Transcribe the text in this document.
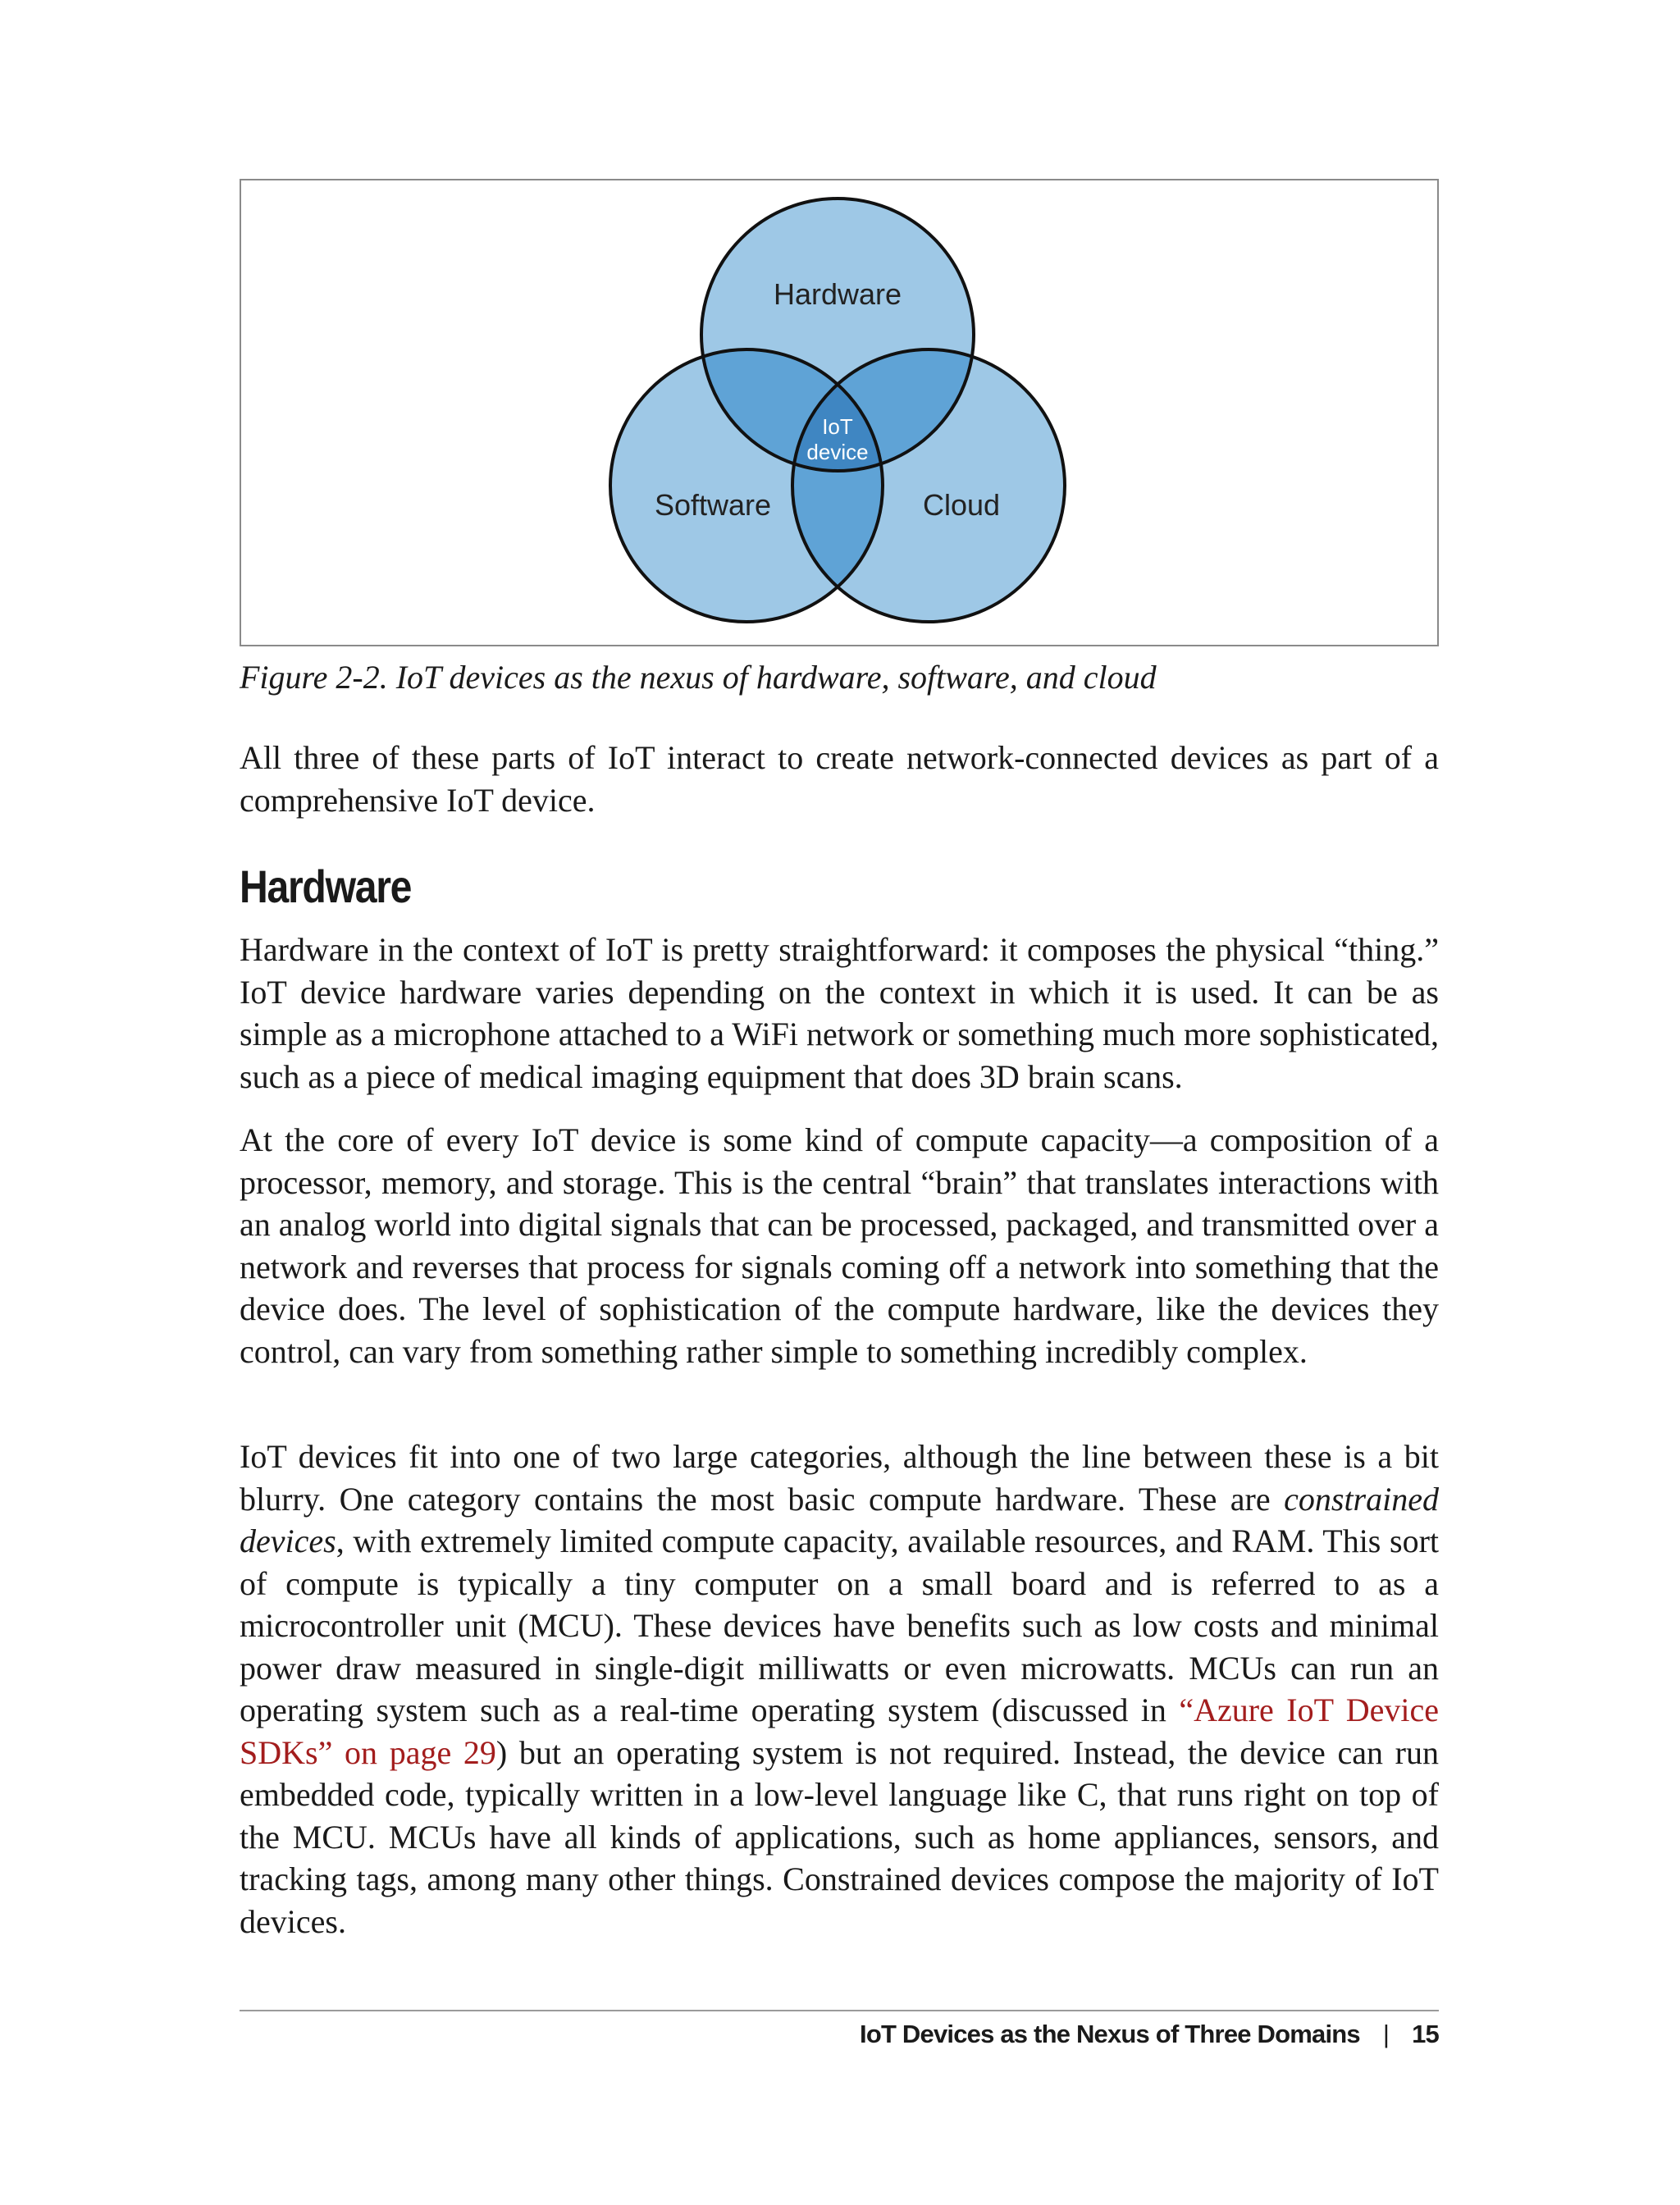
Hardware
Software	Cloud
IoT
device
Figure 2-2. IoT devices as the nexus of hardware, software, and cloud

All three of these parts of IoT interact to create network-connected devices as part of a comprehensive IoT device.

Hardware

Hardware in the context of IoT is pretty straightforward: it composes the physical “thing.” IoT device hardware varies depending on the context in which it is used. It can be as simple as a microphone attached to a WiFi network or something much more sophisticated, such as a piece of medical imaging equipment that does 3D brain scans.

At the core of every IoT device is some kind of compute capacity—a composition of a processor, memory, and storage. This is the central “brain” that translates interactions with an analog world into digital signals that can be processed, packaged, and transmitted over a network and reverses that process for signals coming off a network into something that the device does. The level of sophistication of the compute hardware, like the devices they control, can vary from something rather simple to something incredibly complex.

IoT devices fit into one of two large categories, although the line between these is a bit blurry. One category contains the most basic compute hardware. These are constrained devices, with extremely limited compute capacity, available resources, and RAM. This sort of compute is typically a tiny computer on a small board and is referred to as a microcontroller unit (MCU). These devices have benefits such as low costs and minimal power draw measured in single-digit milliwatts or even microwatts. MCUs can run an operating system such as a real-time operating system (discussed in “Azure IoT Device SDKs” on page 29) but an operating system is not required. Instead, the device can run embedded code, typically written in a low-level language like C, that runs right on top of the MCU. MCUs have all kinds of applications, such as home appliances, sensors, and tracking tags, among many other things. Constrained devices compose the majority of IoT devices.

IoT Devices as the Nexus of Three Domains | 15
